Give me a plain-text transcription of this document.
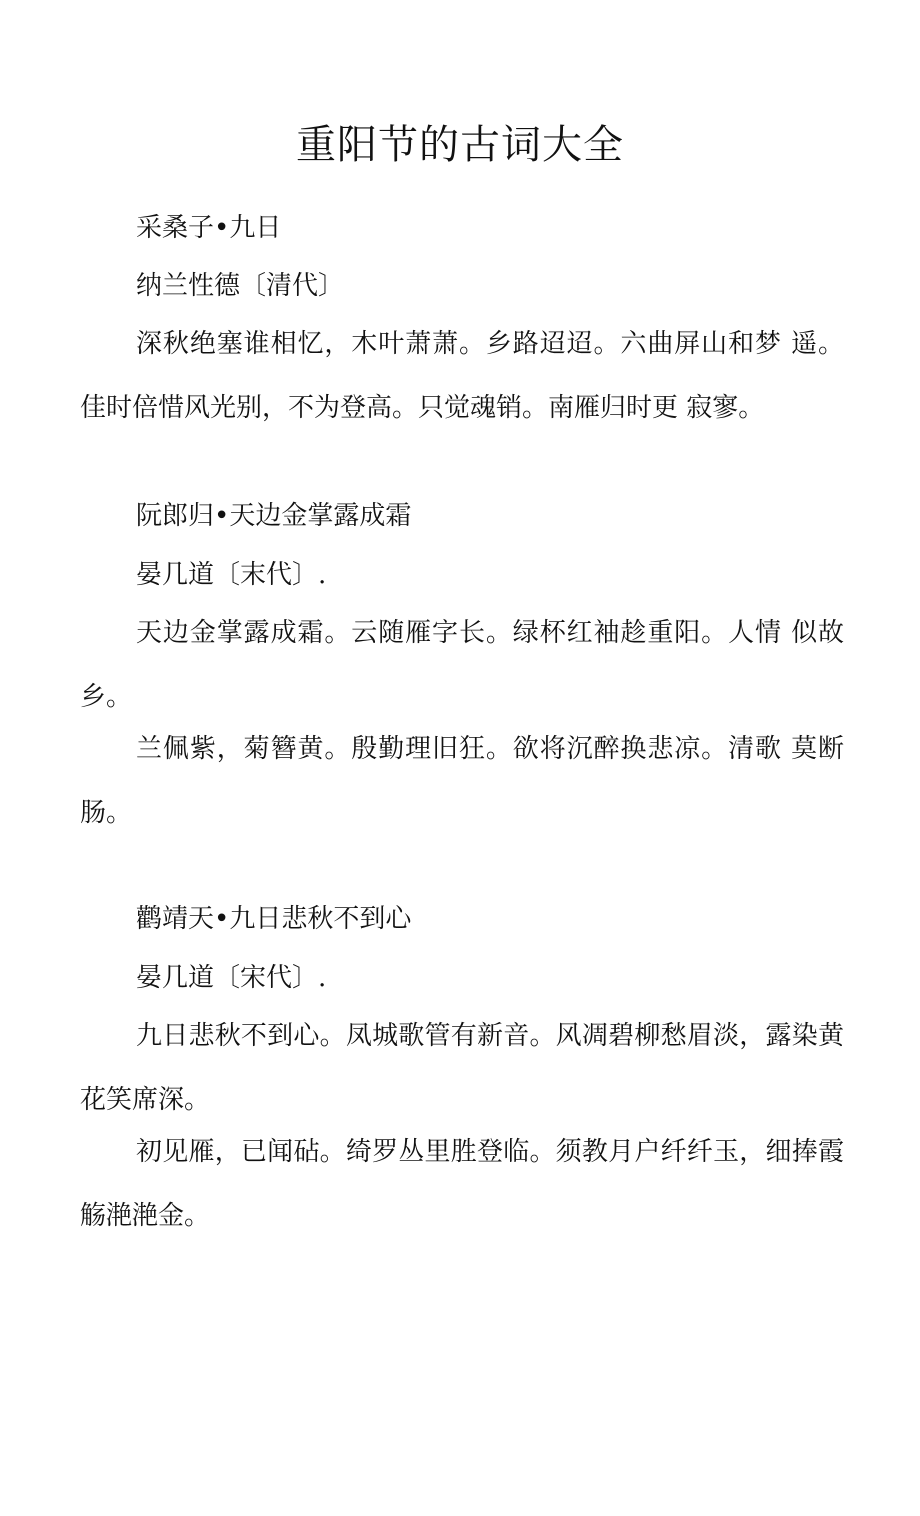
重阳节的古词大全
采桑子•九日
纳兰性德〔清代〕

深秋绝塞谁相忆，木叶萧萧。乡路迢迢。六曲屏山和梦 遥。佳时倍惜风光别，不为登高。只觉魂销。南雁归时更 寂寥。

阮郎归•天边金掌露成霜
晏几道〔末代〕.

天边金掌露成霜。云随雁字长。绿杯红袖趁重阳。人情 似故乡。

兰佩紫，菊簪黄。殷勤理旧狂。欲将沉醉换悲凉。清歌 莫断肠。

鹳靖天•九日悲秋不到心
晏几道〔宋代〕.

九日悲秋不到心。凤城歌管有新音。风凋碧柳愁眉淡，露染黄花笑席深。

初见雁，已闻砧。绮罗丛里胜登临。须教月户纤纤玉，细捧霞觞滟滟金。
